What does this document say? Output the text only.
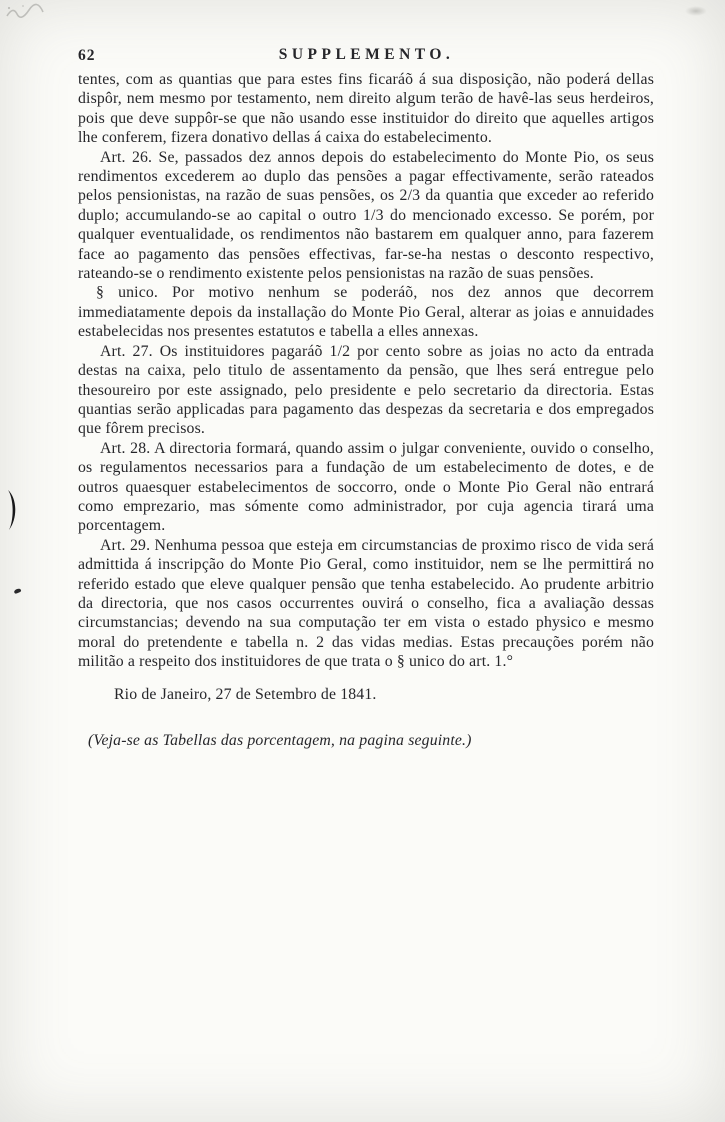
62	SUPPLEMENTO.

tentes, com as quantias que para estes fins ficaráõ á sua disposição, não poderá dellas dispôr, nem mesmo por testamento, nem direito algum terão de havê-las seus herdeiros, pois que deve suppôr-se que não usando esse instituidor do direito que aquelles artigos lhe conferem, fizera donativo dellas á caixa do estabelecimento.

Art. 26. Se, passados dez annos depois do estabelecimento do Monte Pio, os seus rendimentos excederem ao duplo das pensões a pagar effectivamente, serão rateados pelos pensionistas, na razão de suas pensões, os 2/3 da quantia que exceder ao referido duplo; accumulando-se ao capital o outro 1/3 do mencionado excesso. Se porém, por qualquer eventualidade, os rendimentos não bastarem em qualquer anno, para fazerem face ao pagamento das pensões effectivas, far-se-ha nestas o desconto respectivo, rateando-se o rendimento existente pelos pensionistas na razão de suas pensões.

§ unico. Por motivo nenhum se poderáõ, nos dez annos que decorrem immediatamente depois da installação do Monte Pio Geral, alterar as joias e annuidades estabelecidas nos presentes estatutos e tabella a elles annexas.

Art. 27. Os instituidores pagaráõ 1/2 por cento sobre as joias no acto da entrada destas na caixa, pelo titulo de assentamento da pensão, que lhes será entregue pelo thesoureiro por este assignado, pelo presidente e pelo secretario da directoria. Estas quantias serão applicadas para pagamento das despezas da secretaria e dos empregados que fôrem precisos.

Art. 28. A directoria formará, quando assim o julgar conveniente, ouvido o conselho, os regulamentos necessarios para a fundação de um estabelecimento de dotes, e de outros quaesquer estabelecimentos de soccorro, onde o Monte Pio Geral não entrará como emprezario, mas sómente como administrador, por cuja agencia tirará uma porcentagem.

Art. 29. Nenhuma pessoa que esteja em circumstancias de proximo risco de vida será admittida á inscripção do Monte Pio Geral, como instituidor, nem se lhe permittirá no referido estado que eleve qualquer pensão que tenha estabelecido. Ao prudente arbitrio da directoria, que nos casos occurrentes ouvirá o conselho, fica a avaliação dessas circumstancias; devendo na sua computação ter em vista o estado physico e mesmo moral do pretendente e tabella n. 2 das vidas medias. Estas precauções porém não militão a respeito dos instituidores de que trata o § unico do art. 1.°

Rio de Janeiro, 27 de Setembro de 1841.

(Veja-se as Tabellas das porcentagem, na pagina seguinte.)
